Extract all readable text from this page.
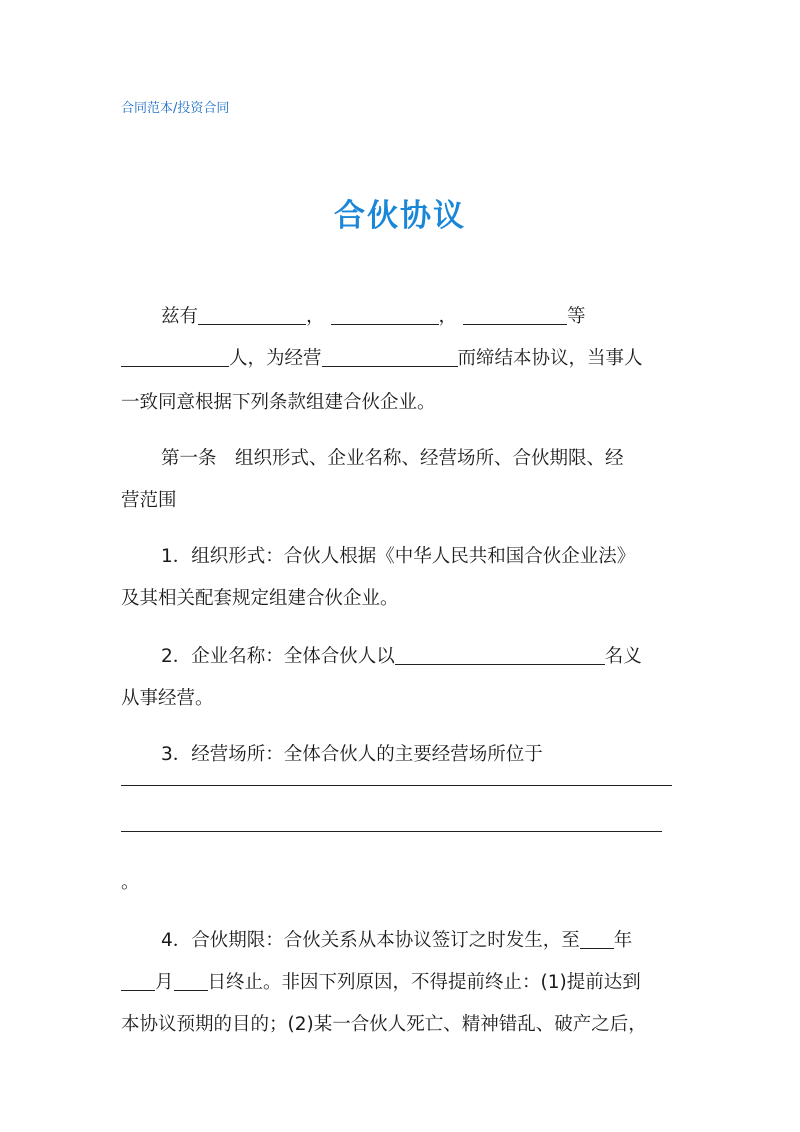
合同范本/投资合同
合伙协议
兹有	，	，	等
人，为经营	而缔结本协议，当事人
一致同意根据下列条款组建合伙企业。
第一条　组织形式、企业名称、经营场所、合伙期限、经
营范围
1．组织形式：合伙人根据《中华人民共和国合伙企业法》
及其相关配套规定组建合伙企业。
2．企业名称：全体合伙人以	名义
从事经营。
3．经营场所：全体合伙人的主要经营场所位于
。
4．合伙期限：合伙关系从本协议签订之时发生，至 年
月 日终止。非因下列原因，不得提前终止：(1)提前达到
本协议预期的目的；(2)某一合伙人死亡、精神错乱、破产之后，
